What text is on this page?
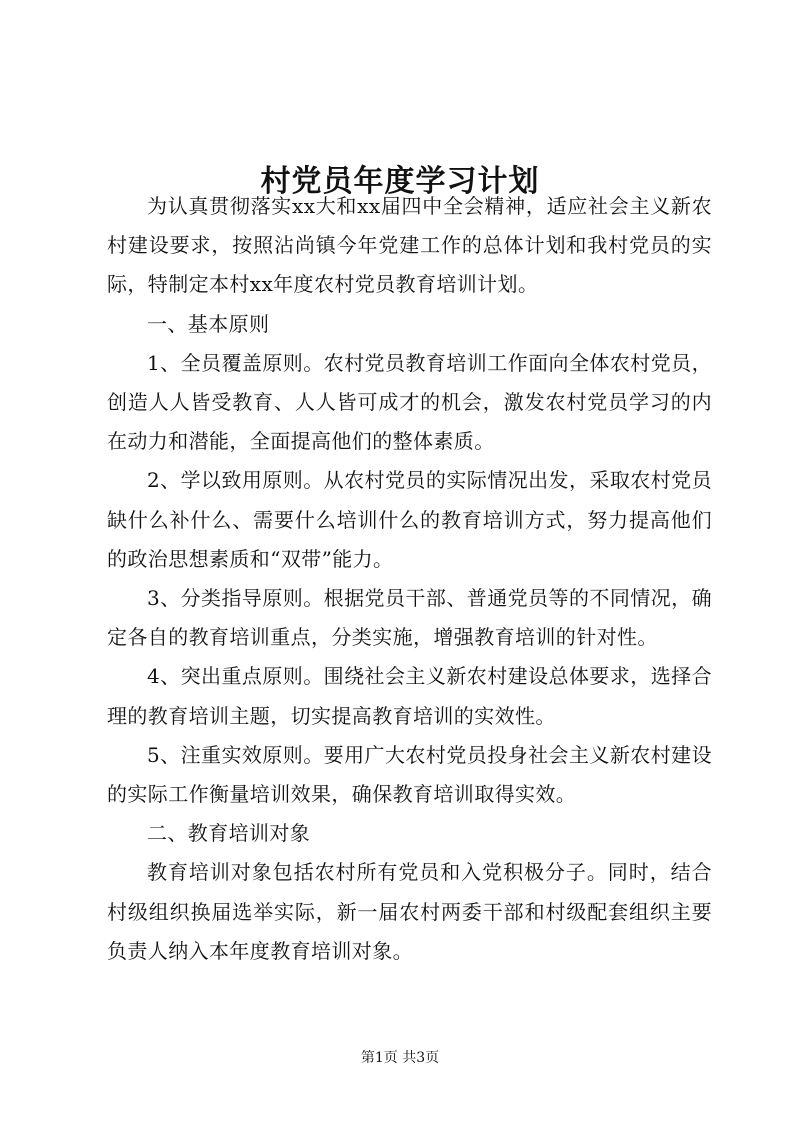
村党员年度学习计划

为认真贯彻落实xx大和xx届四中全会精神，适应社会主义新农村建设要求，按照沾尚镇今年党建工作的总体计划和我村党员的实际，特制定本村xx年度农村党员教育培训计划。

一、基本原则

1、全员覆盖原则。农村党员教育培训工作面向全体农村党员，创造人人皆受教育、人人皆可成才的机会，激发农村党员学习的内在动力和潜能，全面提高他们的整体素质。

2、学以致用原则。从农村党员的实际情况出发，采取农村党员缺什么补什么、需要什么培训什么的教育培训方式，努力提高他们的政治思想素质和“双带”能力。

3、分类指导原则。根据党员干部、普通党员等的不同情况，确定各自的教育培训重点，分类实施，增强教育培训的针对性。

4、突出重点原则。围绕社会主义新农村建设总体要求，选择合理的教育培训主题，切实提高教育培训的实效性。

5、注重实效原则。要用广大农村党员投身社会主义新农村建设的实际工作衡量培训效果，确保教育培训取得实效。

二、教育培训对象

教育培训对象包括农村所有党员和入党积极分子。同时，结合村级组织换届选举实际，新一届农村两委干部和村级配套组织主要负责人纳入本年度教育培训对象。

第1页 共3页
